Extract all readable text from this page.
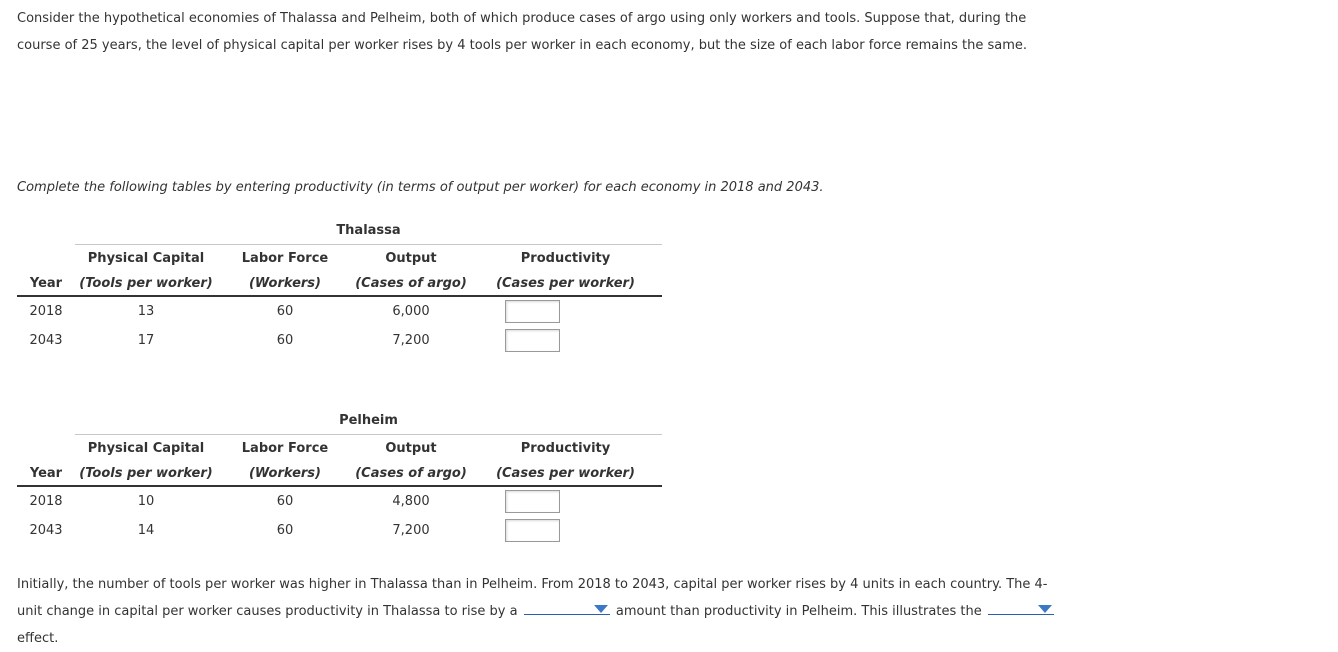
Consider the hypothetical economies of Thalassa and Pelheim, both of which produce cases of argo using only workers and tools. Suppose that, during the course of 25 years, the level of physical capital per worker rises by 4 tools per worker in each economy, but the size of each labor force remains the same.

Complete the following tables by entering productivity (in terms of output per worker) for each economy in 2018 and 2043.

	Thalassa			
	Physical Capital	Labor Force	Output	Productivity
Year	(Tools per worker)	(Workers)	(Cases of argo)	(Cases per worker)
2018	13	60	6,000	
2043	17	60	7,200	
	Pelheim			
	Physical Capital	Labor Force	Output	Productivity
Year	(Tools per worker)	(Workers)	(Cases of argo)	(Cases per worker)
2018	10	60	4,800	
2043	14	60	7,200	

Initially, the number of tools per worker was higher in Thalassa than in Pelheim. From 2018 to 2043, capital per worker rises by 4 units in each country. The 4-unit change in capital per worker causes productivity in Thalassa to rise by a	amount than productivity in Pelheim. This illustrates the
effect.
